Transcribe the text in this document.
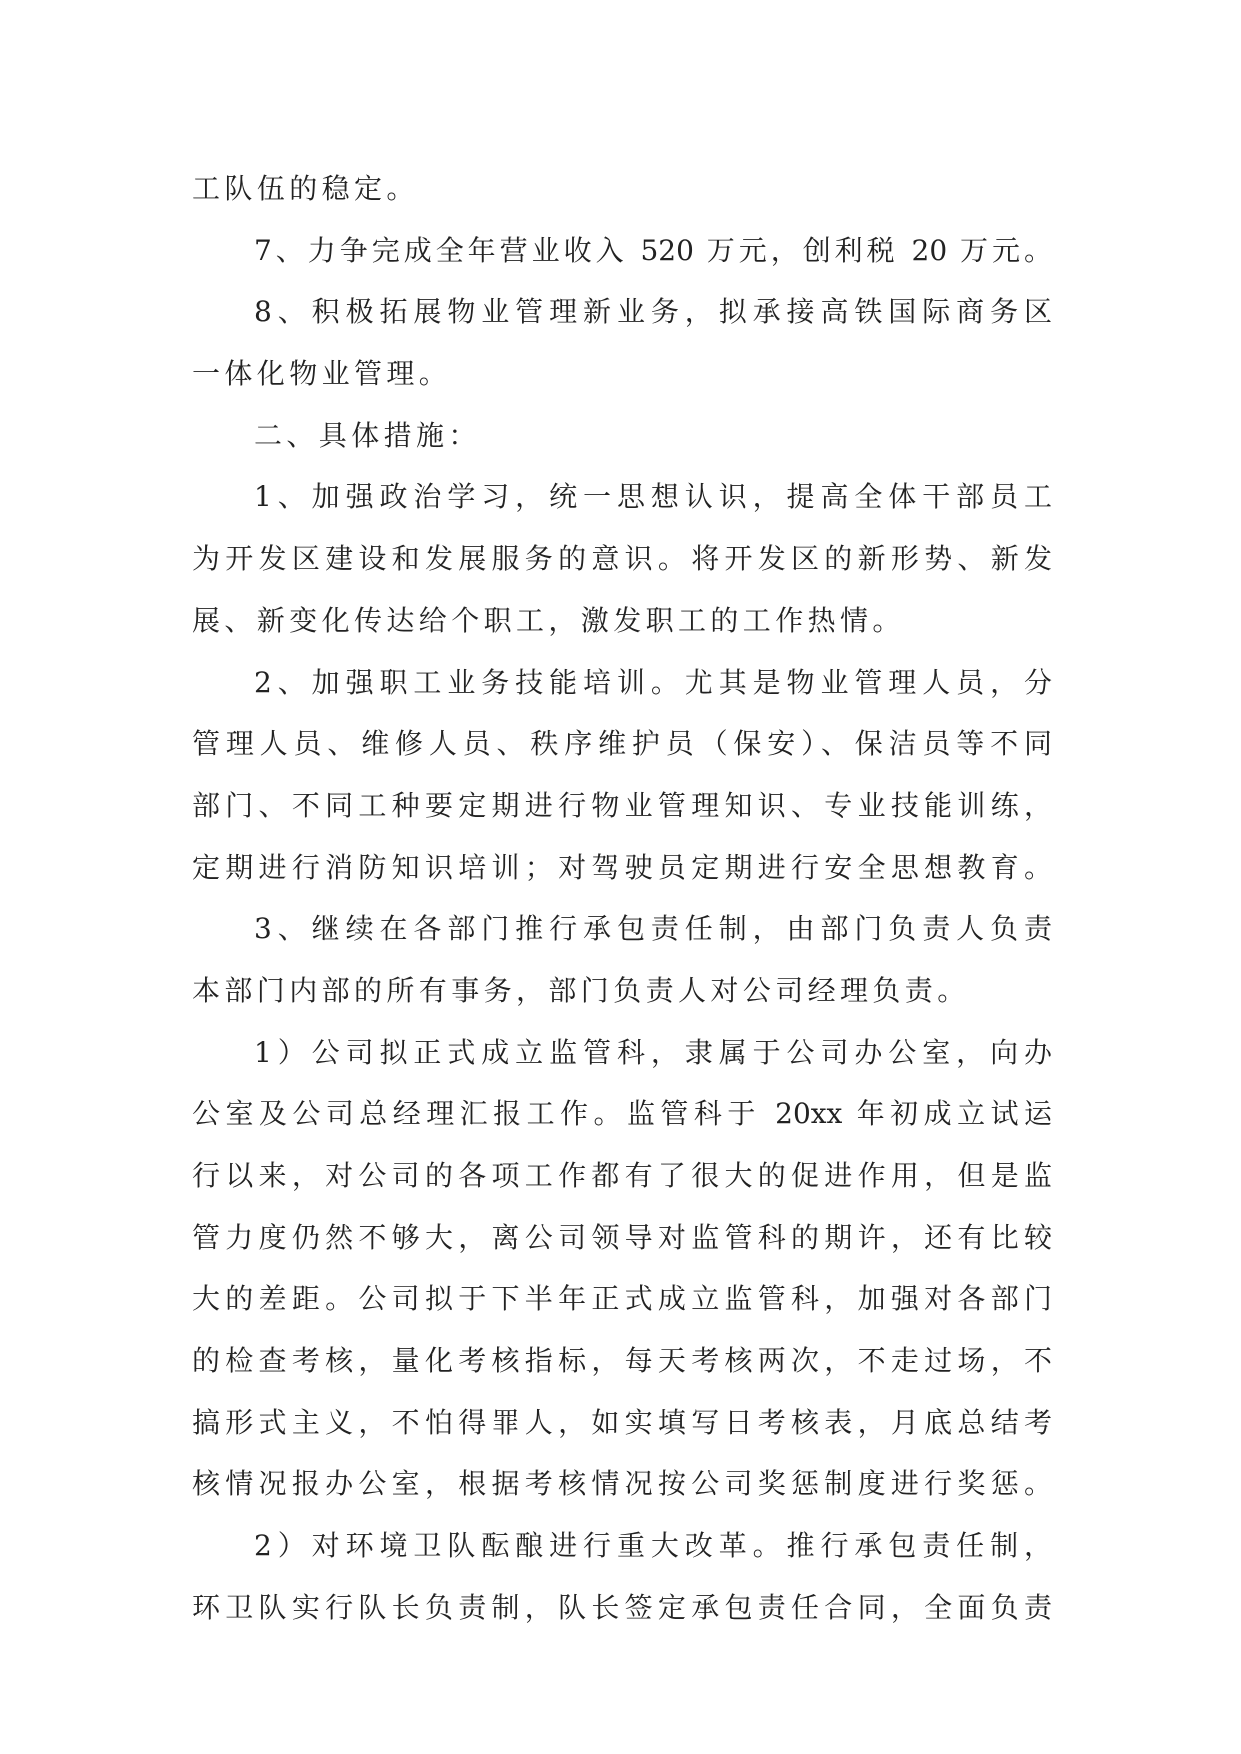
工队伍的稳定。
7、力争完成全年营业收入 520 万元，创利税 20 万元。
8、积极拓展物业管理新业务，拟承接高铁国际商务区
一体化物业管理。
二、具体措施：
1、加强政治学习，统一思想认识，提高全体干部员工
为开发区建设和发展服务的意识。将开发区的新形势、新发
展、新变化传达给个职工，激发职工的工作热情。
2、加强职工业务技能培训。尤其是物业管理人员，分
管理人员、维修人员、秩序维护员（保安）、保洁员等不同
部门、不同工种要定期进行物业管理知识、专业技能训练，
定期进行消防知识培训；对驾驶员定期进行安全思想教育。
3、继续在各部门推行承包责任制，由部门负责人负责
本部门内部的所有事务，部门负责人对公司经理负责。
1）公司拟正式成立监管科，隶属于公司办公室，向办
公室及公司总经理汇报工作。监管科于 20xx 年初成立试运
行以来，对公司的各项工作都有了很大的促进作用，但是监
管力度仍然不够大，离公司领导对监管科的期许，还有比较
大的差距。公司拟于下半年正式成立监管科，加强对各部门
的检查考核，量化考核指标，每天考核两次，不走过场，不
搞形式主义，不怕得罪人，如实填写日考核表，月底总结考
核情况报办公室，根据考核情况按公司奖惩制度进行奖惩。
2）对环境卫队酝酿进行重大改革。推行承包责任制，
环卫队实行队长负责制，队长签定承包责任合同，全面负责
